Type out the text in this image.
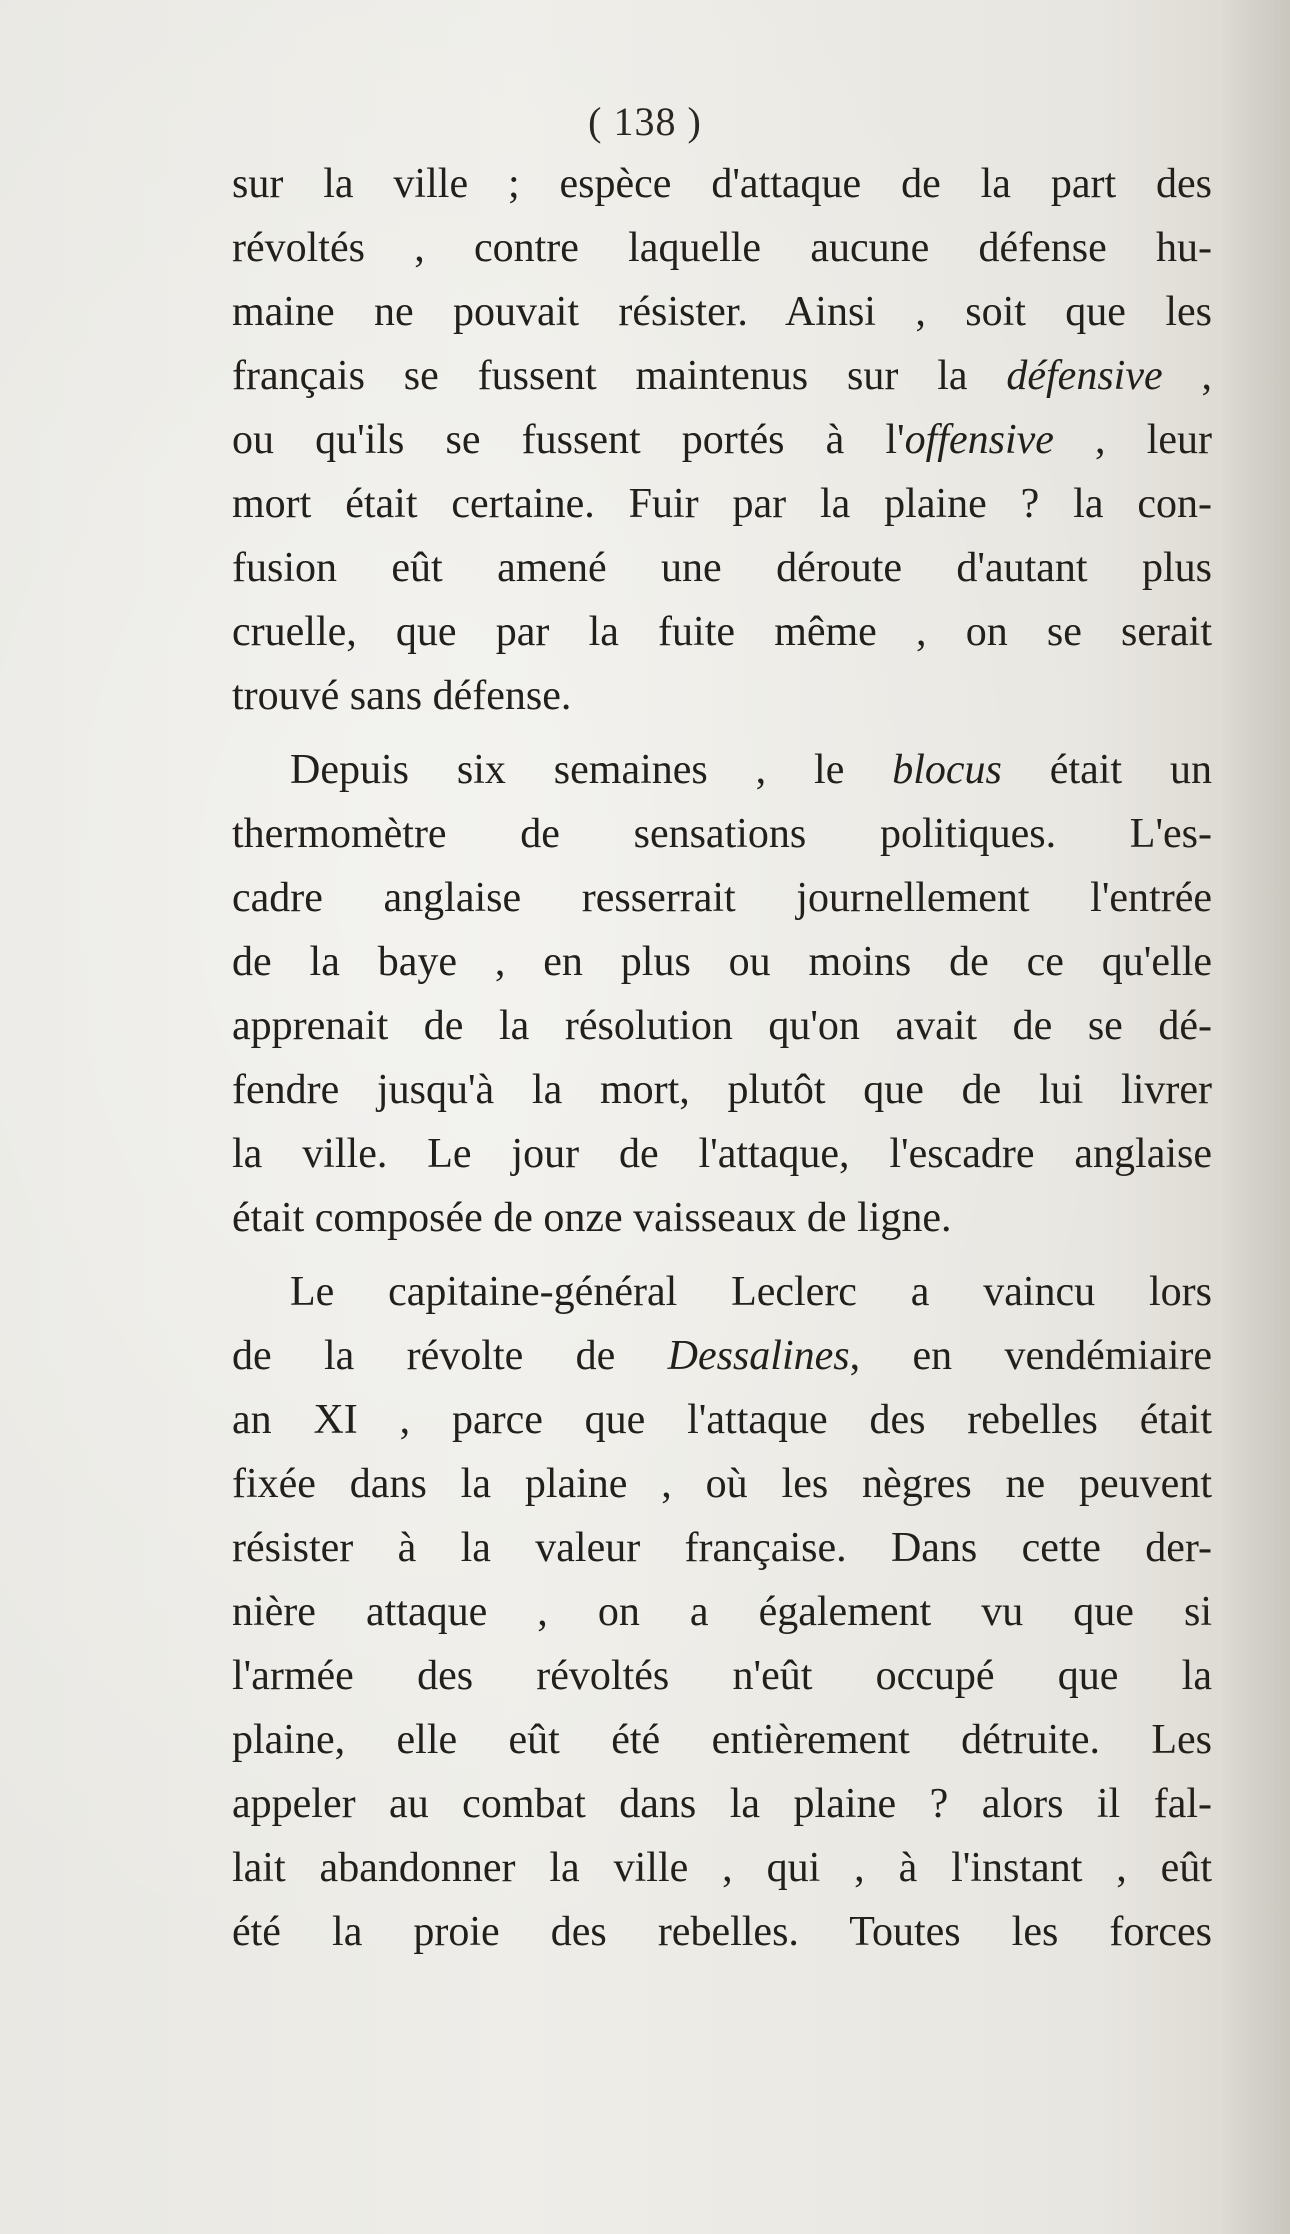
( 138 )
sur la ville ; espèce d'attaque de la part des
révoltés , contre laquelle aucune défense hu-
maine ne pouvait résister. Ainsi , soit que les
français se fussent maintenus sur la défensive ,
ou qu'ils se fussent portés à l'offensive , leur
mort était certaine. Fuir par la plaine ? la con-
fusion eût amené une déroute d'autant plus
cruelle, que par la fuite même , on se serait
trouvé sans défense.
Depuis six semaines , le blocus était un
thermomètre de sensations politiques. L'es-
cadre anglaise resserrait journellement l'entrée
de la baye , en plus ou moins de ce qu'elle
apprenait de la résolution qu'on avait de se dé-
fendre jusqu'à la mort, plutôt que de lui livrer
la ville. Le jour de l'attaque, l'escadre anglaise
était composée de onze vaisseaux de ligne.
Le capitaine-général Leclerc a vaincu lors
de la révolte de Dessalines, en vendémiaire
an XI , parce que l'attaque des rebelles était
fixée dans la plaine , où les nègres ne peuvent
résister à la valeur française. Dans cette der-
nière attaque , on a également vu que si
l'armée des révoltés n'eût occupé que la
plaine, elle eût été entièrement détruite. Les
appeler au combat dans la plaine ? alors il fal-
lait abandonner la ville , qui , à l'instant , eût
été la proie des rebelles. Toutes les forces
